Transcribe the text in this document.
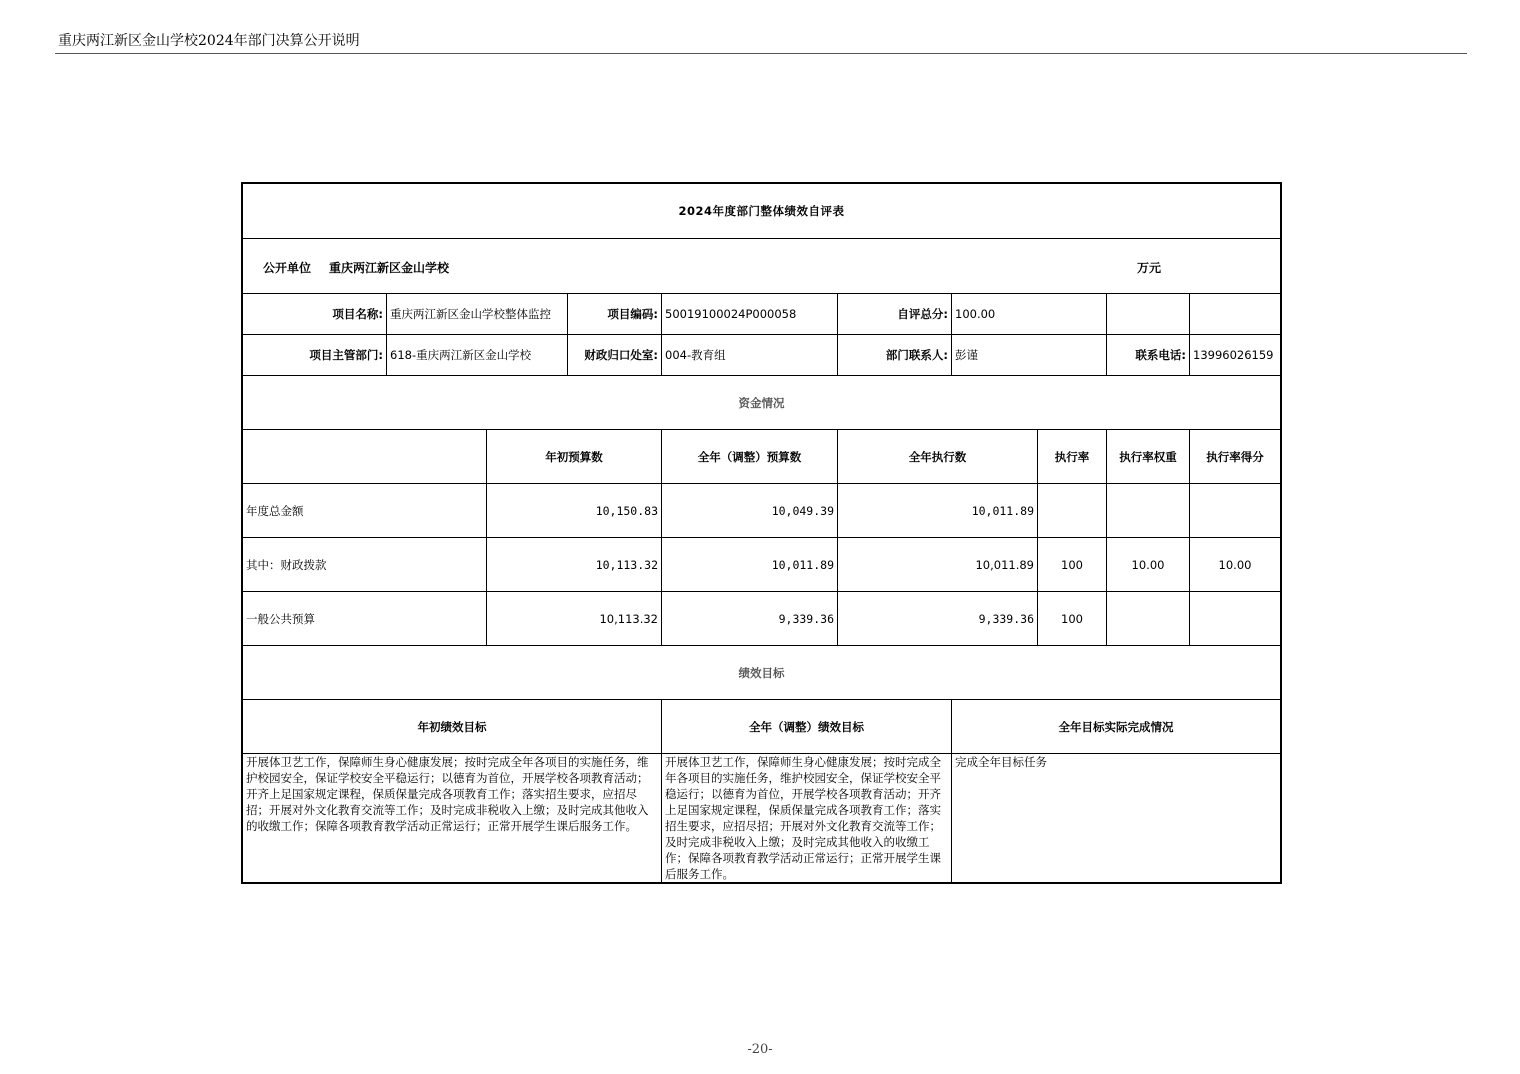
重庆两江新区金山学校2024年部门决算公开说明
2024年度部门整体绩效自评表									

公开单位 重庆两江新区金山学校 万元									

项目名称:	重庆两江新区金山学校整体监控		项目编码:	50019100024P000058	自评总分:	100.00			
项目主管部门:	618-重庆两江新区金山学校		财政归口处室:	004-教育组	部门联系人:	彭谨		联系电话:	13996026159
资金情况									
		年初预算数		全年（调整）预算数	全年执行数		执行率	执行率权重	执行率得分
年度总金额		10,150.83		10,049.39	10,011.89				
其中：财政拨款		10,113.32		10,011.89	10,011.89		100	10.00	10.00
一般公共预算		10,113.32		9,339.36	9,339.36		100		
绩效目标									
年初绩效目标				全年（调整）绩效目标		全年目标实际完成情况			
开展体卫艺工作，保障师生身心健康发展；按时完成全年各项目的实施任务，维护校园安全，保证学校安全平稳运行；以德育为首位，开展学校各项教育活动；开齐上足国家规定课程，保质保量完成各项教育工作；落实招生要求，应招尽招；开展对外文化教育交流等工作；及时完成非税收入上缴；及时完成其他收入的收缴工作；保障各项教育教学活动正常运行；正常开展学生课后服务工作。				开展体卫艺工作，保障师生身心健康发展；按时完成全年各项目的实施任务，维护校园安全，保证学校安全平稳运行；以德育为首位，开展学校各项教育活动；开齐上足国家规定课程，保质保量完成各项教育工作；落实招生要求，应招尽招；开展对外文化教育交流等工作；及时完成非税收入上缴；及时完成其他收入的收缴工作；保障各项教育教学活动正常运行；正常开展学生课后服务工作。		完成全年目标任务			
-20-
